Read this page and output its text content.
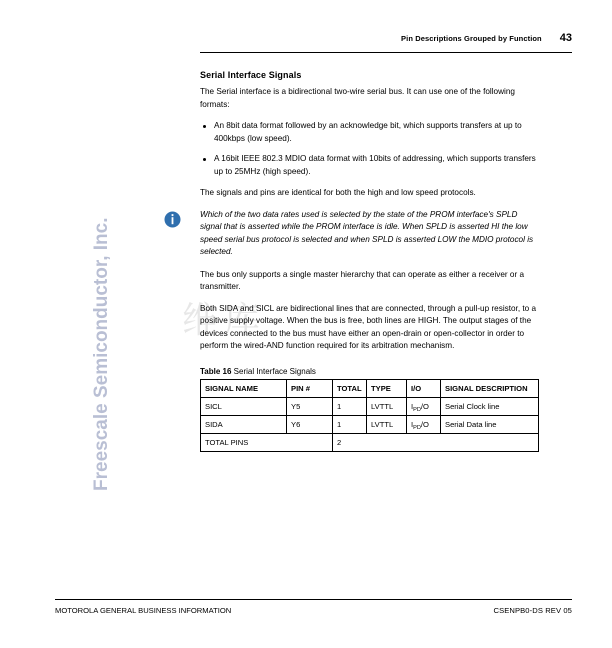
维库
Freescale Semiconductor, Inc.
Pin Descriptions Grouped by Function 43
Serial Interface Signals

The Serial interface is a bidirectional two-wire serial bus. It can use one of the following formats:

An 8bit data format followed by an acknowledge bit, which supports transfers at up to 400kbps (low speed).
A 16bit IEEE 802.3 MDIO data format with 10bits of addressing, which supports transfers up to 25MHz (high speed).

The signals and pins are identical for both the high and low speed protocols.

Which of the two data rates used is selected by the state of the PROM interface's SPLD signal that is asserted while the PROM interface is idle. When SPLD is asserted HI the low speed serial bus protocol is selected and when SPLD is asserted LOW the MDIO protocol is selected.

The bus only supports a single master hierarchy that can operate as either a receiver or a transmitter.

Both SIDA and SICL are bidirectional lines that are connected, through a pull-up resistor, to a positive supply voltage. When the bus is free, both lines are HIGH. The output stages of the devices connected to the bus must have either an open-drain or open-collector in order to perform the wired-AND function required for its arbitration mechanism.

Table 16 Serial Interface Signals
SIGNAL NAME	PIN #	TOTAL	TYPE	I/O	SIGNAL DESCRIPTION
SICL	Y5	1	LVTTL	$I_{PD}/O$	Serial Clock line
SIDA	Y6	1	LVTTL	$I_{PD}/O$	Serial Data line
TOTAL PINS		2			
MOTOROLA GENERAL BUSINESS INFORMATION	CSENPB0-DS REV 05
